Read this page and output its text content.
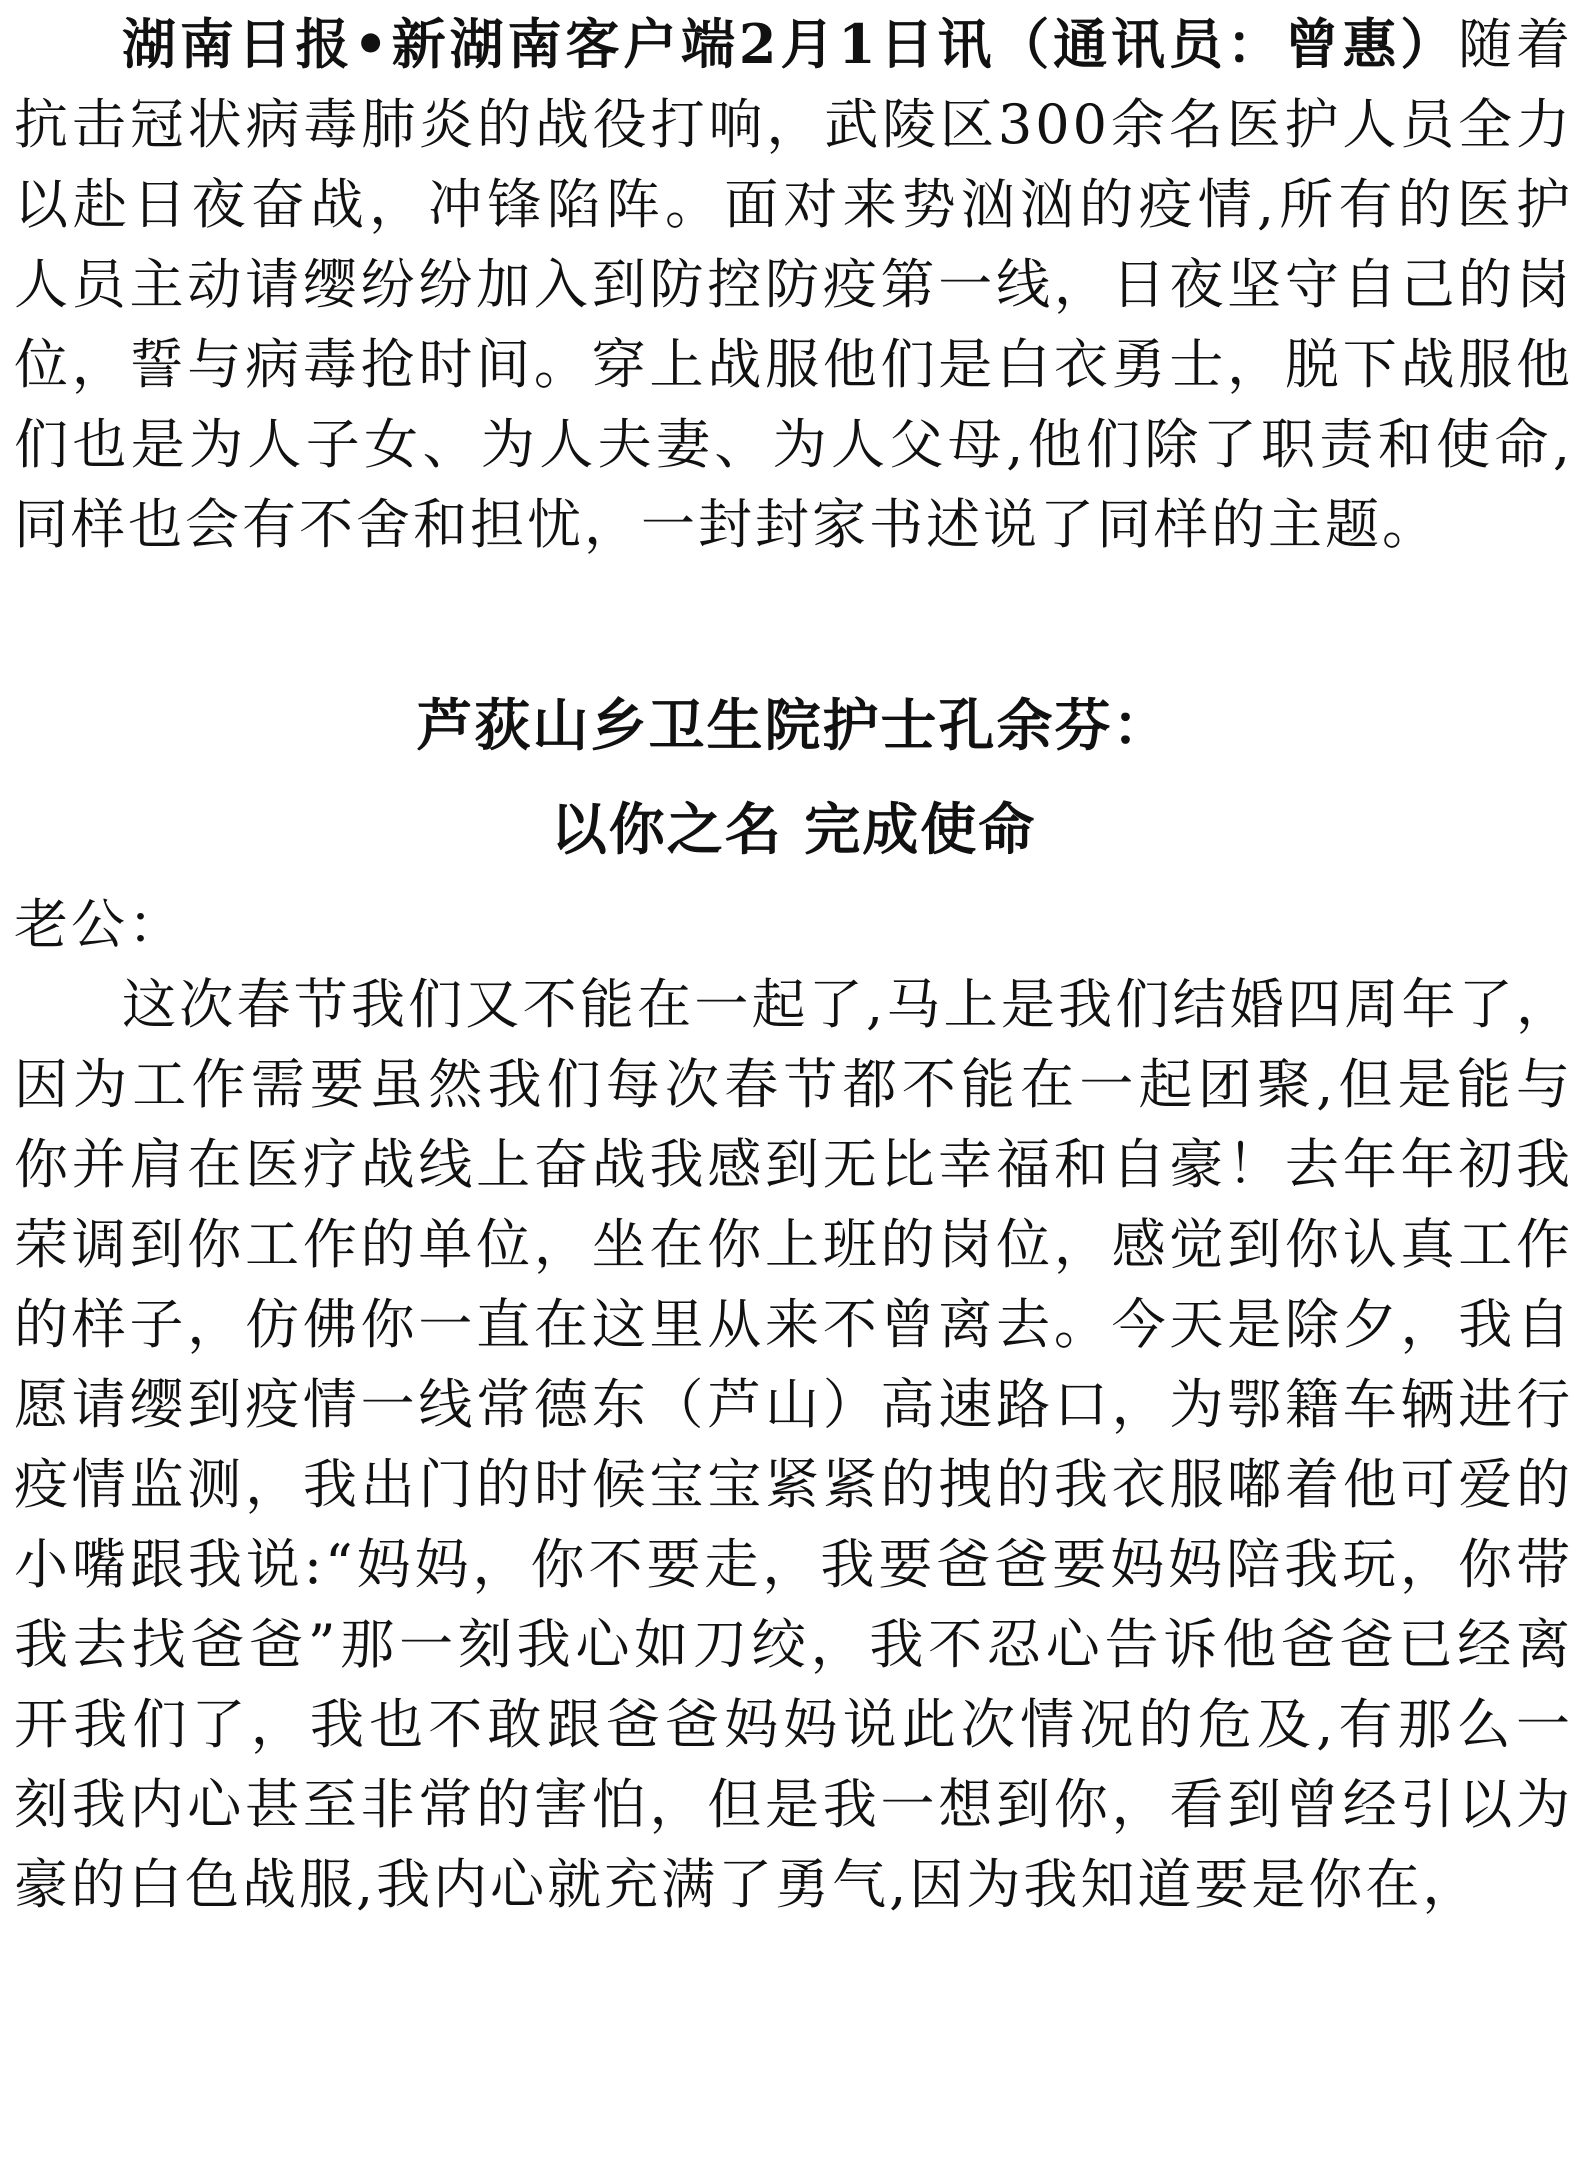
湖南日报•新湖南客户端2月1日讯（通讯员：曾惠）随着抗击冠状病毒肺炎的战役打响，武陵区300余名医护人员全力以赴日夜奋战，冲锋陷阵。面对来势汹汹的疫情,所有的医护人员主动请缨纷纷加入到防控防疫第一线，日夜坚守自己的岗位，誓与病毒抢时间。穿上战服他们是白衣勇士，脱下战服他们也是为人子女、为人夫妻、为人父母,他们除了职责和使命,同样也会有不舍和担忧，一封封家书述说了同样的主题。

芦荻山乡卫生院护士孔余芬：
以你之名 完成使命

老公：

这次春节我们又不能在一起了,马上是我们结婚四周年了，因为工作需要虽然我们每次春节都不能在一起团聚,但是能与你并肩在医疗战线上奋战我感到无比幸福和自豪！去年年初我荣调到你工作的单位，坐在你上班的岗位，感觉到你认真工作的样子，仿佛你一直在这里从来不曾离去。今天是除夕，我自愿请缨到疫情一线常德东（芦山）高速路口，为鄂籍车辆进行疫情监测，我出门的时候宝宝紧紧的拽的我衣服嘟着他可爱的小嘴跟我说:“妈妈，你不要走，我要爸爸要妈妈陪我玩，你带我去找爸爸”那一刻我心如刀绞，我不忍心告诉他爸爸已经离开我们了，我也不敢跟爸爸妈妈说此次情况的危及,有那么一刻我内心甚至非常的害怕，但是我一想到你，看到曾经引以为豪的白色战服,我内心就充满了勇气,因为我知道要是你在，
